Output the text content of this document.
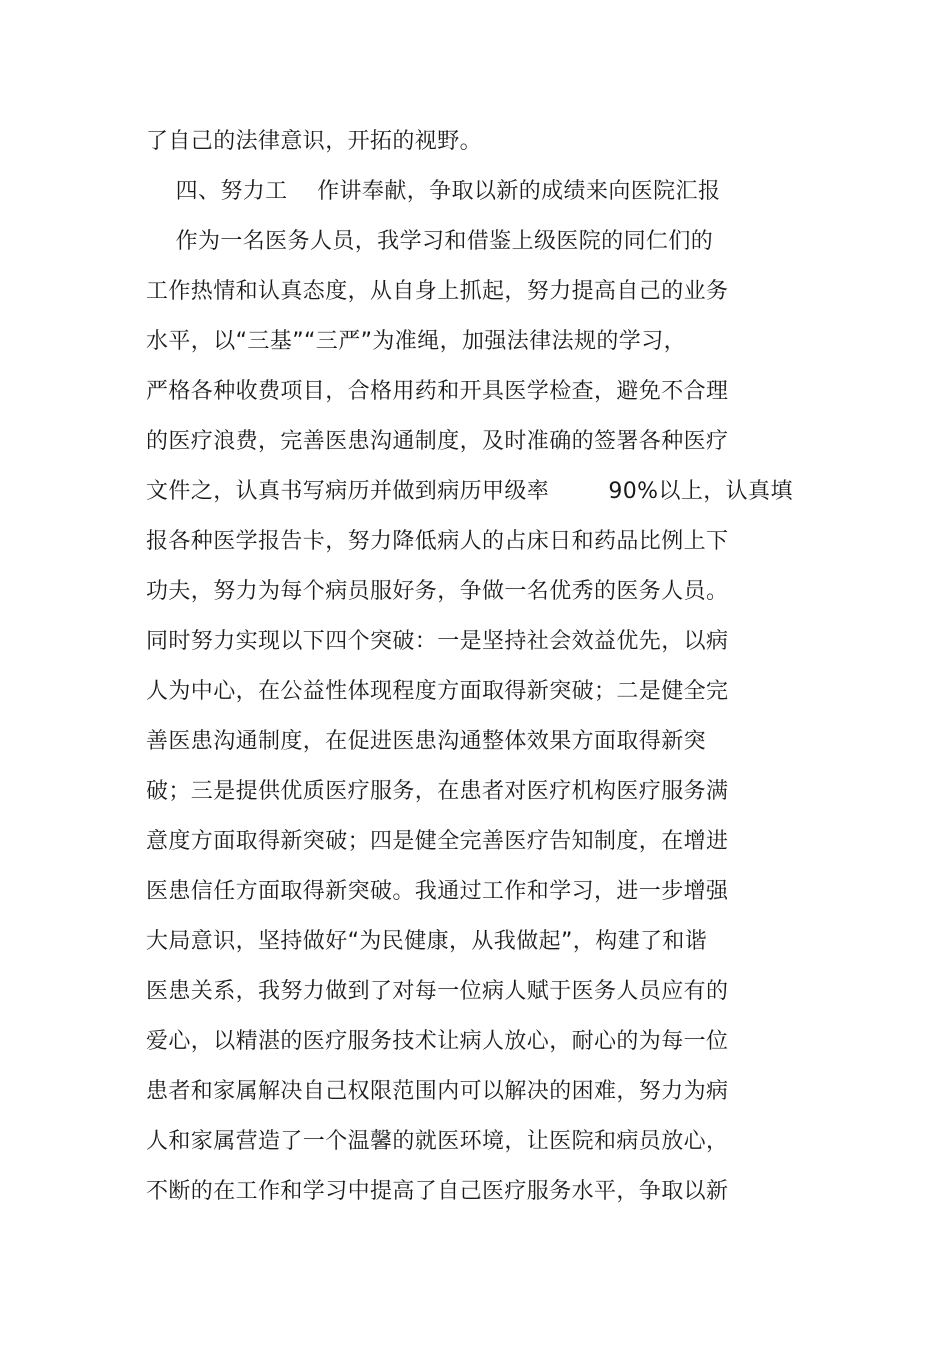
了自己的法律意识，开拓的视野。
四、努力工    作讲奉献，争取以新的成绩来向医院汇报
作为一名医务人员，我学习和借鉴上级医院的同仁们的
工作热情和认真态度，从自身上抓起，努力提高自己的业务
水平，以“三基”“三严”为准绳，加强法律法规的学习，
严格各种收费项目，合格用药和开具医学检查，避免不合理
的医疗浪费，完善医患沟通制度，及时准确的签署各种医疗
文件之，认真书写病历并做到病历甲级率        90%以上，认真填
报各种医学报告卡，努力降低病人的占床日和药品比例上下
功夫，努力为每个病员服好务，争做一名优秀的医务人员。
同时努力实现以下四个突破：一是坚持社会效益优先，以病
人为中心，在公益性体现程度方面取得新突破；二是健全完
善医患沟通制度，在促进医患沟通整体效果方面取得新突
破；三是提供优质医疗服务，在患者对医疗机构医疗服务满
意度方面取得新突破；四是健全完善医疗告知制度，在增进
医患信任方面取得新突破。我通过工作和学习，进一步增强
大局意识，坚持做好“为民健康，从我做起”，构建了和谐
医患关系，我努力做到了对每一位病人赋于医务人员应有的
爱心，以精湛的医疗服务技术让病人放心，耐心的为每一位
患者和家属解决自己权限范围内可以解决的困难，努力为病
人和家属营造了一个温馨的就医环境，让医院和病员放心，
不断的在工作和学习中提高了自己医疗服务水平，争取以新
